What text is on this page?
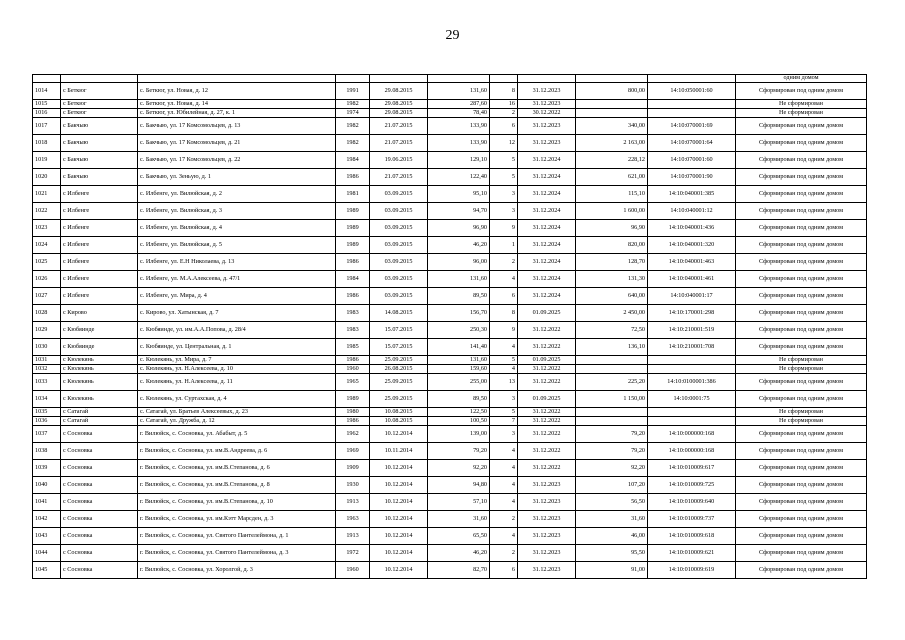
29
										одним домом
1014	с Беткюг	с. Беткюг, ул. Новая, д. 12	1991	29.08.2015	131,60	8	31.12.2023	800,00	14:10:050001:60	Сформирован под одним домом
1015	с Беткюг	с. Беткюг, ул. Новая, д. 14	1982	29.08.2015	287,60	16	31.12.2023			Не сформирован
1016	с Беткюг	с. Беткюг, ул. Юбилейная, д. 27, к. 1	1974	29.08.2015	78,40	2	30.12.2022			Не сформирован
1017	с Бакчыю	с. Бакчыю, ул. 17 Комсомольцев, д. 13	1982	21.07.2015	133,90	6	31.12.2023	340,00	14:10:070001:69	Сформирован под одним домом
1018	с Бакчыю	с. Бакчыю, ул. 17 Комсомольцев, д. 21	1982	21.07.2015	133,90	12	31.12.2023	2 163,00	14:10:070001:64	Сформирован под одним домом
1019	с Бакчыю	с. Бакчыю, ул. 17 Комсомольцев, д. 22	1984	19.06.2015	129,10	5	31.12.2024	228,12	14:10:070001:60	Сформирован под одним домом
1020	с Бакчыю	с. Бакчыю, ул. Зеньую, д. 1	1986	21.07.2015	122,40	5	31.12.2024	621,00	14:10:070001:90	Сформирован под одним домом
1021	с Илбенге	с. Илбенге, ул. Вилюйская, д. 2	1981	03.09.2015	95,10	3	31.12.2024	115,10	14:10:040001:385	Сформирован под одним домом
1022	с Илбенге	с. Илбенге, ул. Вилюйская, д. 3	1989	03.09.2015	94,70	3	31.12.2024	1 600,00	14:10:040001:12	Сформирован под одним домом
1023	с Илбенге	с. Илбенге, ул. Вилюйская, д. 4	1989	03.09.2015	96,90	9	31.12.2024	96,90	14:10:040001:436	Сформирован под одним домом
1024	с Илбенге	с. Илбенге, ул. Вилюйская, д. 5	1989	03.09.2015	46,20	1	31.12.2024	820,00	14:10:040001:320	Сформирован под одним домом
1025	с Илбенге	с. Илбенге, ул. Е.Н Николаева, д. 13	1986	03.09.2015	96,00	2	31.12.2024	128,70	14:10:040001:463	Сформирован под одним домом
1026	с Илбенге	с. Илбенге, ул. М.А.Алексеева, д. 47/1	1984	03.09.2015	131,60	4	31.12.2024	131,30	14:10:040001:461	Сформирован под одним домом
1027	с Илбенге	с. Илбенге, ул. Мира, д. 4	1986	03.09.2015	89,50	6	31.12.2024	640,00	14:10:040001:17	Сформирован под одним домом
1028	с Кирово	с. Кирово, ул. Хатынская, д. 7	1983	14.08.2015	156,70	8	01.09.2025	2 450,00	14:10:170001:298	Сформирован под одним домом
1029	с Кюбяинде	с. Кюбяинде, ул. им.А.А.Попова, д. 28/4	1983	15.07.2015	250,30	9	31.12.2022	72,50	14:10:210001:519	Сформирован под одним домом
1030	с Кюбяинде	с. Кюбяинде, ул. Центральная, д. 1	1985	15.07.2015	141,40	4	31.12.2022	136,10	14:10:210001:708	Сформирован под одним домом
1031	с Кюлекянь	с. Кюлекянь, ул. Мира, д. 7	1986	25.09.2015	131,60	5	01.09.2025			Не сформирован
1032	с Кюлекянь	с. Кюлекянь, ул. Н.Алексеева, д. 10	1960	26.08.2015	159,60	4	31.12.2022			Не сформирован
1033	с Кюлекянь	с. Кюлекянь, ул. Н.Алексеева, д. 11	1965	25.09.2015	255,00	13	31.12.2022	225,20	14:10:0100001:386	Сформирован под одним домом
1034	с Кюлекянь	с. Кюлекянь, ул. Суртахская, д. 4	1989	25.09.2015	89,50	3	01.09.2025	1 150,00	14:10:0001:75	Сформирован под одним домом
1035	с Сатагай	с. Сатагай, ул. Братьев Алексеевых, д. 23	1980	10.08.2015	122,50	5	31.12.2022			Не сформирован
1036	с Сатагай	с. Сатагай, ул. Дружба, д. 12	1986	10.08.2015	100,50	7	31.12.2022			Не сформирован
1037	с Сосновка	г. Вилюйск, с. Сосновка, ул. Абабыт, д. 5	1962	10.12.2014	139,00	3	31.12.2022	79,20	14:10:000000:168	Сформирован под одним домом
1038	с Сосновка	г. Вилюйск, с. Сосновка, ул. им.В.Андреева, д. 6	1969	10.11.2014	79,20	4	31.12.2022	79,20	14:10:000000:168	Сформирован под одним домом
1039	с Сосновка	г. Вилюйск, с. Сосновка, ул. им.В.Степанова, д. 6	1909	10.12.2014	92,20	4	31.12.2022	92,20	14:10:010009:617	Сформирован под одним домом
1040	с Сосновка	г. Вилюйск, с. Сосновка, ул. им.В.Степанова, д. 8	1930	10.12.2014	94,80	4	31.12.2023	107,20	14:10:010009:725	Сформирован под одним домом
1041	с Сосновка	г. Вилюйск, с. Сосновка, ул. им.В.Степанова, д. 10	1913	10.12.2014	57,10	4	31.12.2023	56,50	14:10:010009:640	Сформирован под одним домом
1042	с Сосновка	г. Вилюйск, с. Сосновка, ул. им.Кэтт Марсден, д. 3	1963	10.12.2014	31,60	2	31.12.2023	31,60	14:10:010009:737	Сформирован под одним домом
1043	с Сосновка	г. Вилюйск, с. Сосновка, ул. Святого Пантелеймона, д. 1	1913	10.12.2014	65,50	4	31.12.2023	46,00	14:10:010009:618	Сформирован под одним домом
1044	с Сосновка	г. Вилюйск, с. Сосновка, ул. Святого Пантелеймона, д. 3	1972	10.12.2014	46,20	2	31.12.2023	95,50	14:10:010009:621	Сформирован под одним домом
1045	с Сосновка	г. Вилюйск, с. Сосновка, ул. Хоролгой, д. 3	1960	10.12.2014	82,70	6	31.12.2023	91,00	14:10:010009:619	Сформирован под одним домом
